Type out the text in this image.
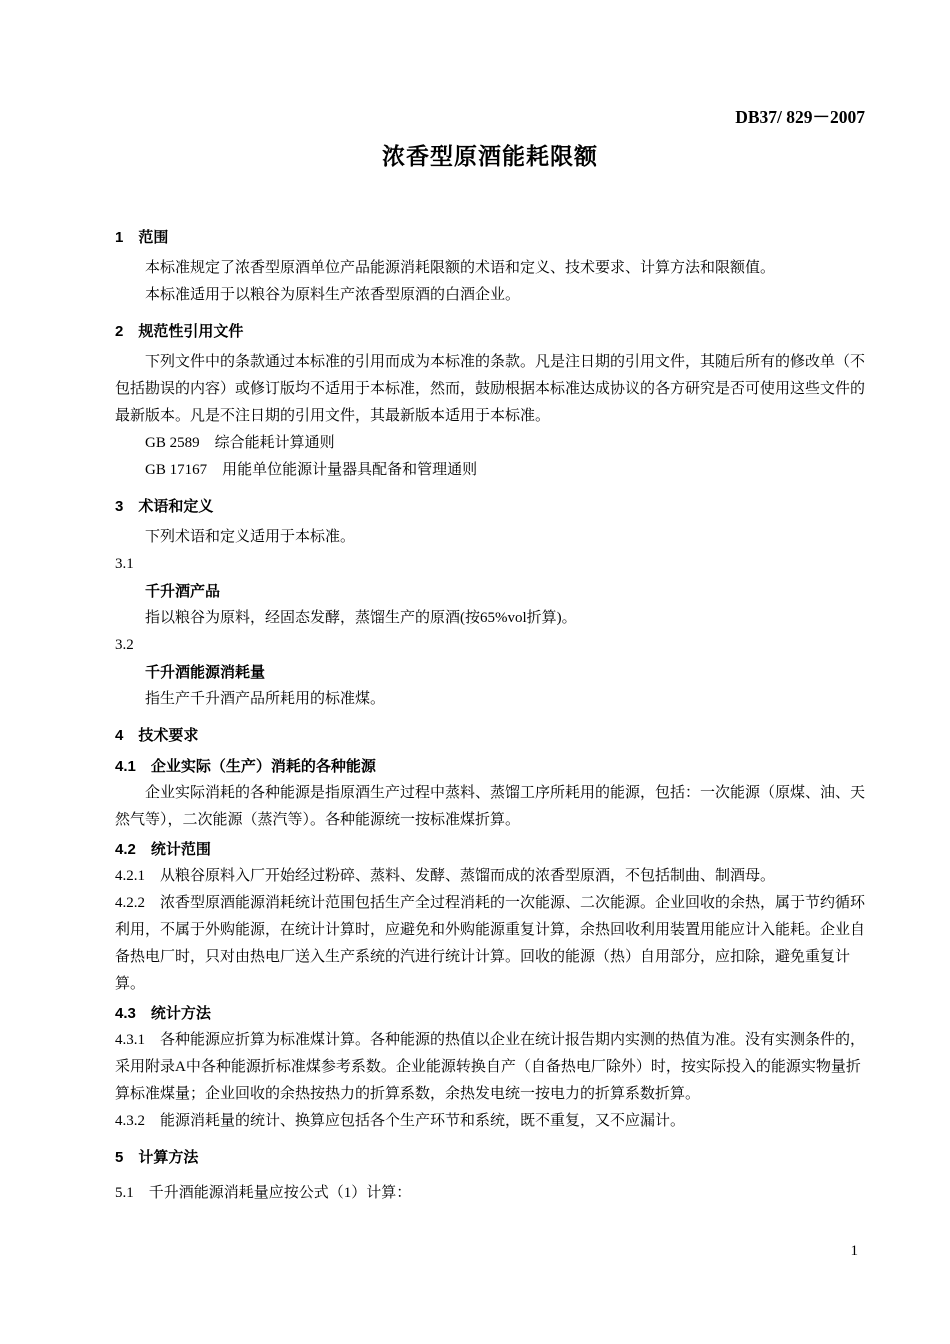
DB37/ 829－2007
浓香型原酒能耗限额
1　范围
本标准规定了浓香型原酒单位产品能源消耗限额的术语和定义、技术要求、计算方法和限额值。
本标准适用于以粮谷为原料生产浓香型原酒的白酒企业。
2　规范性引用文件
下列文件中的条款通过本标准的引用而成为本标准的条款。凡是注日期的引用文件，其随后所有的修改单（不包括勘误的内容）或修订版均不适用于本标准，然而，鼓励根据本标准达成协议的各方研究是否可使用这些文件的最新版本。凡是不注日期的引用文件，其最新版本适用于本标准。
GB 2589　综合能耗计算通则
GB 17167　用能单位能源计量器具配备和管理通则
3　术语和定义
下列术语和定义适用于本标准。
3.1
千升酒产品
指以粮谷为原料，经固态发酵，蒸馏生产的原酒(按65%vol折算)。
3.2
千升酒能源消耗量
指生产千升酒产品所耗用的标准煤。
4　技术要求
4.1　企业实际（生产）消耗的各种能源
企业实际消耗的各种能源是指原酒生产过程中蒸料、蒸馏工序所耗用的能源，包括：一次能源（原煤、油、天然气等），二次能源（蒸汽等）。各种能源统一按标准煤折算。
4.2　统计范围
4.2.1　从粮谷原料入厂开始经过粉碎、蒸料、发酵、蒸馏而成的浓香型原酒，不包括制曲、制酒母。
4.2.2　浓香型原酒能源消耗统计范围包括生产全过程消耗的一次能源、二次能源。企业回收的余热，属于节约循环利用，不属于外购能源，在统计计算时，应避免和外购能源重复计算，余热回收利用装置用能应计入能耗。企业自备热电厂时，只对由热电厂送入生产系统的汽进行统计计算。回收的能源（热）自用部分，应扣除，避免重复计算。
4.3　统计方法
4.3.1　各种能源应折算为标准煤计算。各种能源的热值以企业在统计报告期内实测的热值为准。没有实测条件的，采用附录A中各种能源折标准煤参考系数。企业能源转换自产（自备热电厂除外）时，按实际投入的能源实物量折算标准煤量；企业回收的余热按热力的折算系数，余热发电统一按电力的折算系数折算。
4.3.2　能源消耗量的统计、换算应包括各个生产环节和系统，既不重复，又不应漏计。
5　计算方法
5.1　千升酒能源消耗量应按公式（1）计算：
1
